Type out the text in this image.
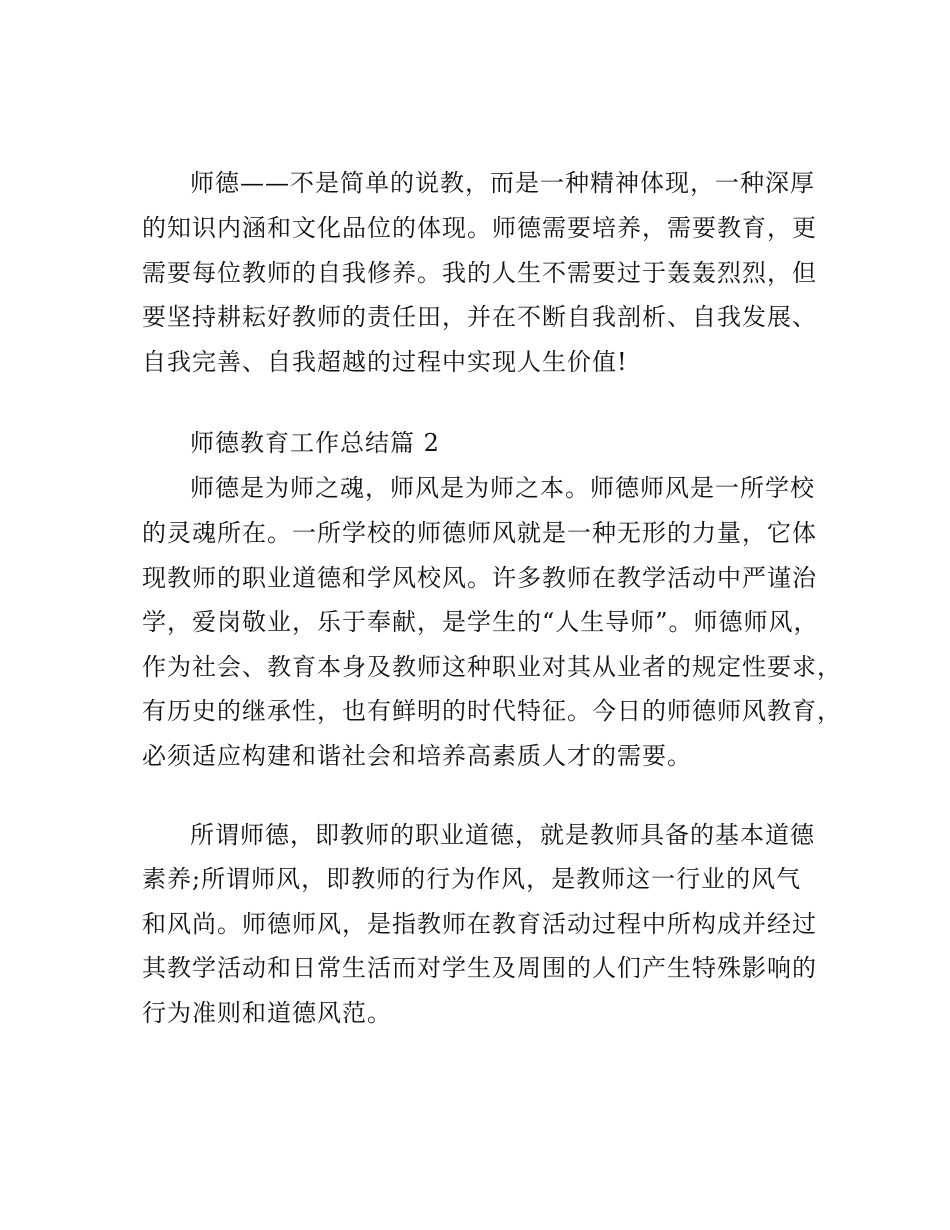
师德——不是简单的说教，而是一种精神体现，一种深厚
的知识内涵和文化品位的体现。师德需要培养，需要教育，更
需要每位教师的自我修养。我的人生不需要过于轰轰烈烈，但
要坚持耕耘好教师的责任田，并在不断自我剖析、自我发展、
自我完善、自我超越的过程中实现人生价值!
师德教育工作总结篇 2
师德是为师之魂，师风是为师之本。师德师风是一所学校
的灵魂所在。一所学校的师德师风就是一种无形的力量，它体
现教师的职业道德和学风校风。许多教师在教学活动中严谨治
学，爱岗敬业，乐于奉献，是学生的“人生导师”。师德师风，
作为社会、教育本身及教师这种职业对其从业者的规定性要求，
有历史的继承性，也有鲜明的时代特征。今日的师德师风教育，
必须适应构建和谐社会和培养高素质人才的需要。
所谓师德，即教师的职业道德，就是教师具备的基本道德
素养;所谓师风，即教师的行为作风，是教师这一行业的风气
和风尚。师德师风，是指教师在教育活动过程中所构成并经过
其教学活动和日常生活而对学生及周围的人们产生特殊影响的
行为准则和道德风范。
